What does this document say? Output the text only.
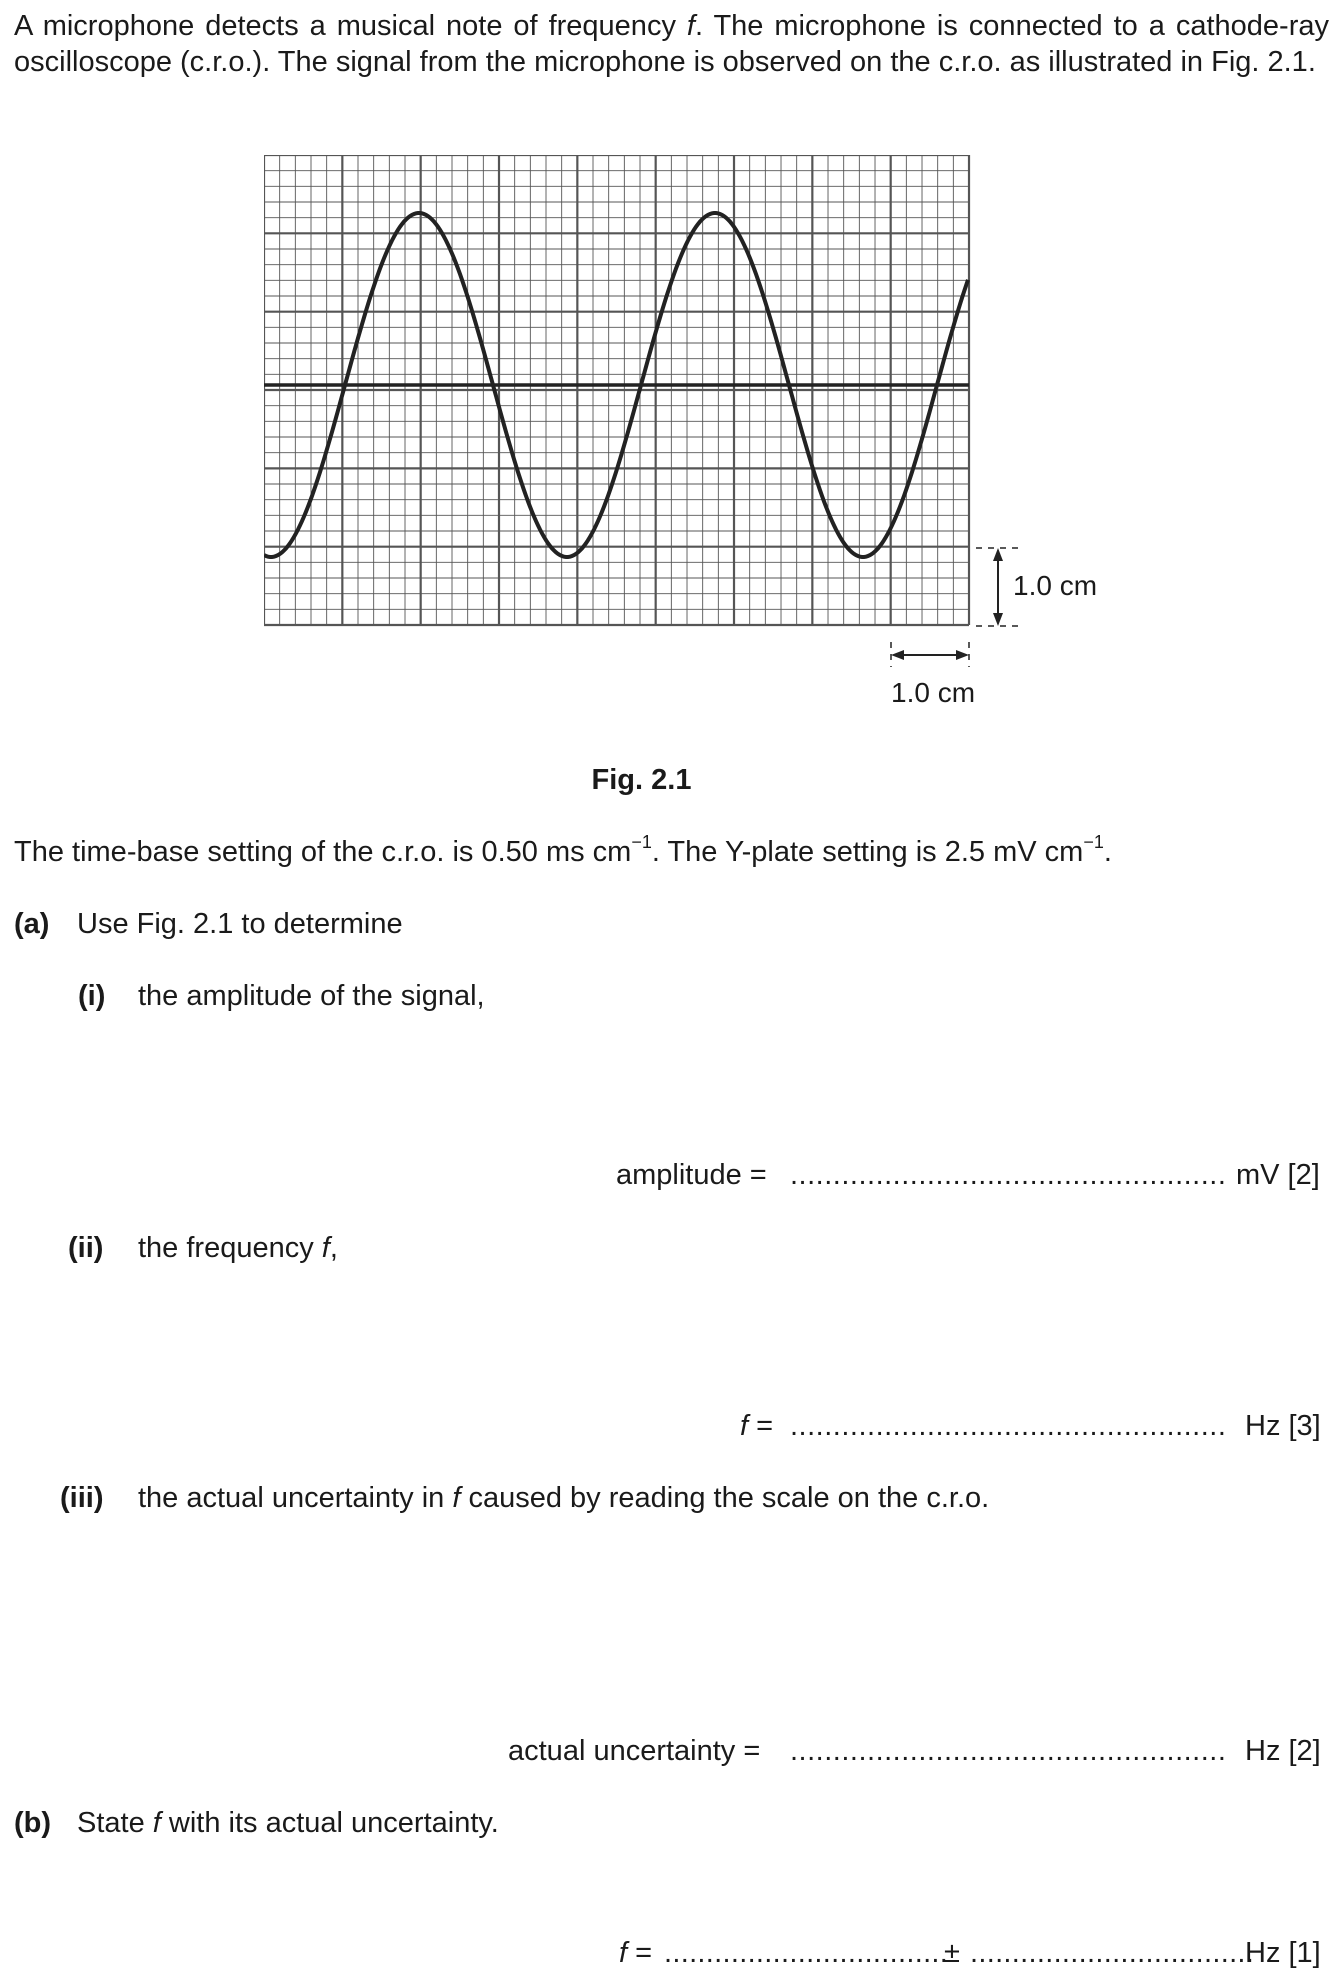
A microphone detects a musical note of frequency f. The microphone is connected to a cathode-ray oscilloscope (c.r.o.). The signal from the microphone is observed on the c.r.o. as illustrated in Fig. 2.1.
1.0 cm
1.0 cm
Fig. 2.1
The time-base setting of the c.r.o. is 0.50 ms $cm^{-1}$. The Y-plate setting is 2.5 mV $cm^{-1}$.
(a) Use Fig. 2.1 to determine
(i) the amplitude of the signal,
amplitude = ................................................... mV [2]
(ii) the frequency f,
f = ................................................... Hz [3]
(iii) the actual uncertainty in f caused by reading the scale on the c.r.o.
actual uncertainty = ................................................... Hz [2]
(b) State f with its actual uncertainty.
f = ..................................
± ..................................
Hz [1]
